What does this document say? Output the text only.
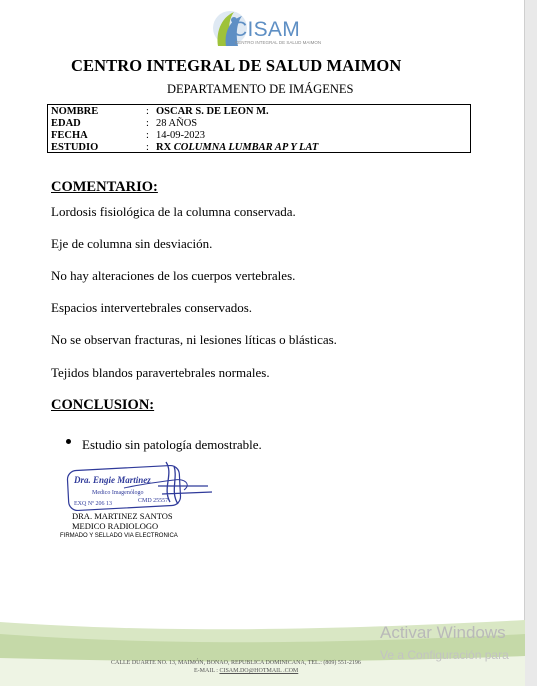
CISAM
CENTRO INTEGRAL DE SALUD MAIMON
CENTRO INTEGRAL DE SALUD MAIMON
DEPARTAMENTO DE IMÁGENES
NOMBRE	: OSCAR S. DE LEON M.
EDAD	: 28 AÑOS
FECHA	: 14-09-2023
ESTUDIO	: RX COLUMNA LUMBAR AP Y LAT
COMENTARIO:
Lordosis fisiológica de la columna conservada.
Eje de columna sin desviación.
No hay alteraciones de los cuerpos vertebrales.
Espacios intervertebrales conservados.
No se observan fracturas, ni lesiones líticas o blásticas.
Tejidos blandos paravertebrales normales.
CONCLUSION:
Estudio sin patología demostrable.
Dra. Engie Martinez
Medico Imagenólogo
EXQ Nº 206 13	CMD 25557
DRA. MARTINEZ SANTOS
MEDICO RADIOLOGO
FIRMADO Y SELLADO VIA ELECTRONICA
CALLE DUARTE NO. 13, MAIMÓN, BONAO, REPUBLICA DOMINICANA, TEL.: (809) 551-2196
E-MAIL : CISAM.DO@HOTMAIL .COM
Activar Windows
Ve a Configuración para
